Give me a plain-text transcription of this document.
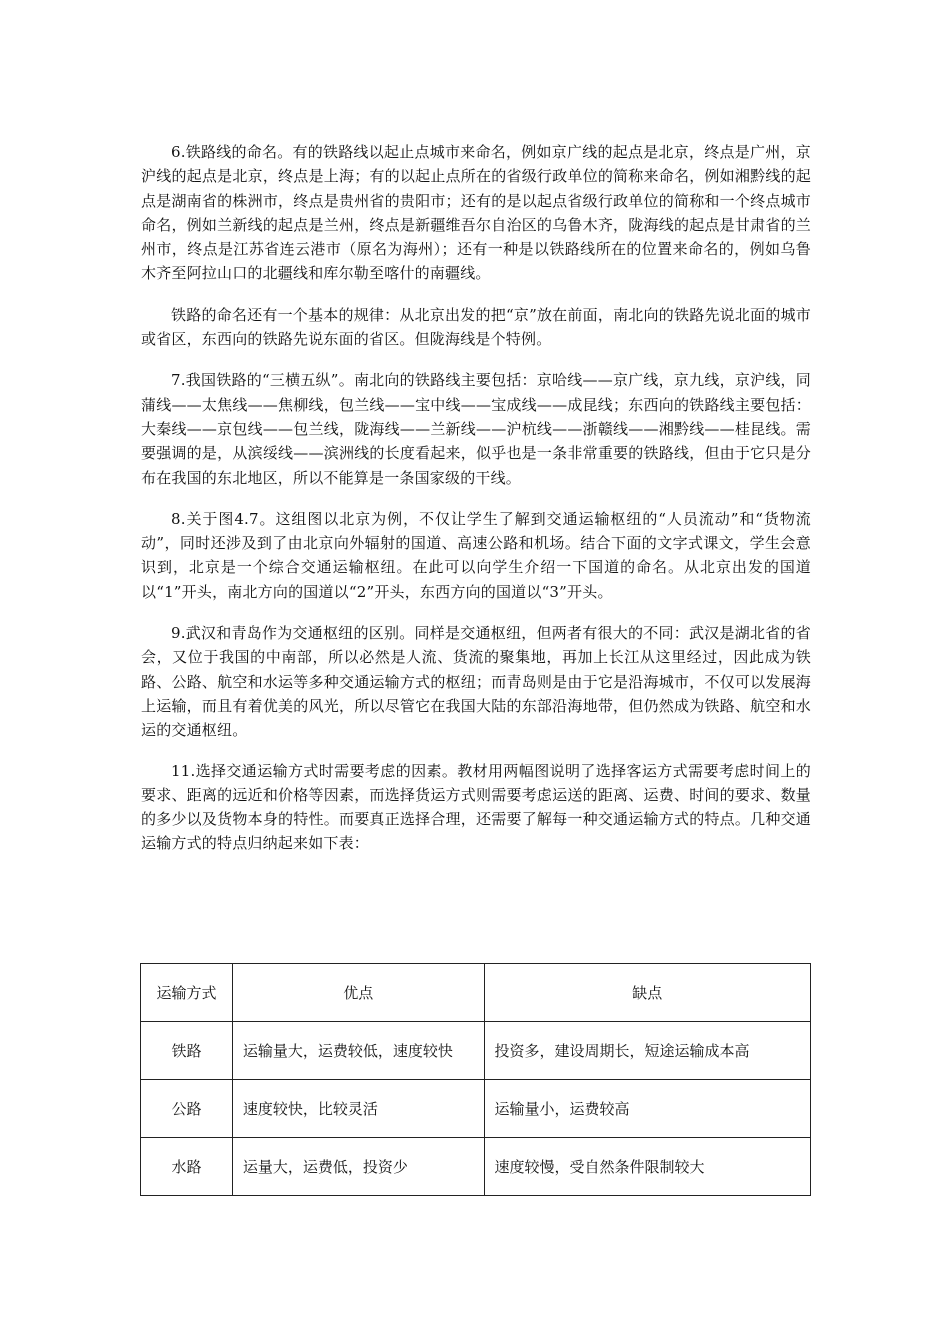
6.铁路线的命名。有的铁路线以起止点城市来命名，例如京广线的起点是北京，终点是广州，京沪线的起点是北京，终点是上海；有的以起止点所在的省级行政单位的简称来命名，例如湘黔线的起点是湖南省的株洲市，终点是贵州省的贵阳市；还有的是以起点省级行政单位的简称和一个终点城市命名，例如兰新线的起点是兰州，终点是新疆维吾尔自治区的乌鲁木齐，陇海线的起点是甘肃省的兰州市，终点是江苏省连云港市（原名为海州）；还有一种是以铁路线所在的位置来命名的，例如乌鲁木齐至阿拉山口的北疆线和库尔勒至喀什的南疆线。

铁路的命名还有一个基本的规律：从北京出发的把“京”放在前面，南北向的铁路先说北面的城市或省区，东西向的铁路先说东面的省区。但陇海线是个特例。

7.我国铁路的“三横五纵”。南北向的铁路线主要包括：京哈线——京广线，京九线，京沪线，同蒲线——太焦线——焦柳线，包兰线——宝中线——宝成线——成昆线；东西向的铁路线主要包括：大秦线——京包线——包兰线，陇海线——兰新线——沪杭线——浙赣线——湘黔线——桂昆线。需要强调的是，从滨绥线——滨洲线的长度看起来，似乎也是一条非常重要的铁路线，但由于它只是分布在我国的东北地区，所以不能算是一条国家级的干线。

8.关于图4.7。这组图以北京为例，不仅让学生了解到交通运输枢纽的“人员流动”和“货物流动”，同时还涉及到了由北京向外辐射的国道、高速公路和机场。结合下面的文字式课文，学生会意识到，北京是一个综合交通运输枢纽。在此可以向学生介绍一下国道的命名。从北京出发的国道以“1”开头，南北方向的国道以“2”开头，东西方向的国道以“3”开头。

9.武汉和青岛作为交通枢纽的区别。同样是交通枢纽，但两者有很大的不同：武汉是湖北省的省会，又位于我国的中南部，所以必然是人流、货流的聚集地，再加上长江从这里经过，因此成为铁路、公路、航空和水运等多种交通运输方式的枢纽；而青岛则是由于它是沿海城市，不仅可以发展海上运输，而且有着优美的风光，所以尽管它在我国大陆的东部沿海地带，但仍然成为铁路、航空和水运的交通枢纽。

11.选择交通运输方式时需要考虑的因素。教材用两幅图说明了选择客运方式需要考虑时间上的要求、距离的远近和价格等因素，而选择货运方式则需要考虑运送的距离、运费、时间的要求、数量的多少以及货物本身的特性。而要真正选择合理，还需要了解每一种交通运输方式的特点。几种交通运输方式的特点归纳起来如下表：

运输方式	优点	缺点
铁路	运输量大，运费较低，速度较快	投资多，建设周期长，短途运输成本高
公路	速度较快，比较灵活	运输量小，运费较高
水路	运量大，运费低，投资少	速度较慢，受自然条件限制较大
